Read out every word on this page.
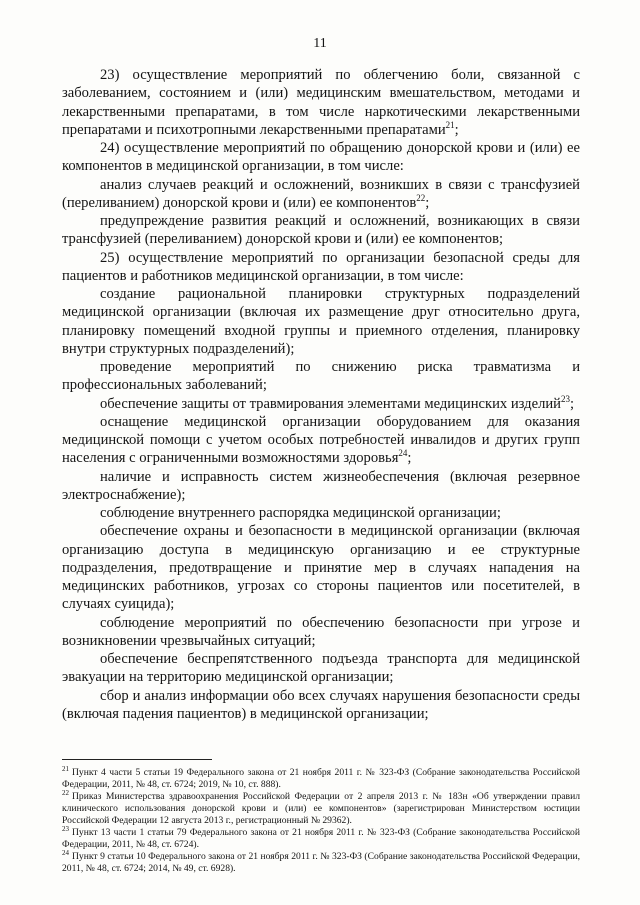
11

23) осуществление мероприятий по облегчению боли, связанной с заболеванием, состоянием и (или) медицинским вмешательством, методами и лекарственными препаратами, в том числе наркотическими лекарственными препаратами и психотропными лекарственными препаратами$^{21}$;

24) осуществление мероприятий по обращению донорской крови и (или) ее компонентов в медицинской организации, в том числе:

анализ случаев реакций и осложнений, возникших в связи с трансфузией (переливанием) донорской крови и (или) ее компонентов$^{22}$;

предупреждение развития реакций и осложнений, возникающих в связи трансфузией (переливанием) донорской крови и (или) ее компонентов;

25) осуществление мероприятий по организации безопасной среды для пациентов и работников медицинской организации, в том числе:

создание рациональной планировки структурных подразделений медицинской организации (включая их размещение друг относительно друга, планировку помещений входной группы и приемного отделения, планировку внутри структурных подразделений);

проведение мероприятий по снижению риска травматизма и профессиональных заболеваний;

обеспечение защиты от травмирования элементами медицинских изделий$^{23}$;

оснащение медицинской организации оборудованием для оказания медицинской помощи с учетом особых потребностей инвалидов и других групп населения с ограниченными возможностями здоровья$^{24}$;

наличие и исправность систем жизнеобеспечения (включая резервное электроснабжение);

соблюдение внутреннего распорядка медицинской организации;

обеспечение охраны и безопасности в медицинской организации (включая организацию доступа в медицинскую организацию и ее структурные подразделения, предотвращение и принятие мер в случаях нападения на медицинских работников, угрозах со стороны пациентов или посетителей, в случаях суицида);

соблюдение мероприятий по обеспечению безопасности при угрозе и возникновении чрезвычайных ситуаций;

обеспечение беспрепятственного подъезда транспорта для медицинской эвакуации на территорию медицинской организации;

сбор и анализ информации обо всех случаях нарушения безопасности среды (включая падения пациентов) в медицинской организации;

$^{21}$ Пункт 4 части 5 статьи 19 Федерального закона от 21 ноября 2011 г. № 323-ФЗ (Собрание законодательства Российской Федерации, 2011, № 48, ст. 6724; 2019, № 10, ст. 888).

$^{22}$ Приказ Министерства здравоохранения Российской Федерации от 2 апреля 2013 г. № 183н «Об утверждении правил клинического использования донорской крови и (или) ее компонентов» (зарегистрирован Министерством юстиции Российской Федерации 12 августа 2013 г., регистрационный № 29362).

$^{23}$ Пункт 13 части 1 статьи 79 Федерального закона от 21 ноября 2011 г. № 323-ФЗ (Собрание законодательства Российской Федерации, 2011, № 48, ст. 6724).

$^{24}$ Пункт 9 статьи 10 Федерального закона от 21 ноября 2011 г. № 323-ФЗ (Собрание законодательства Российской Федерации, 2011, № 48, ст. 6724; 2014, № 49, ст. 6928).
